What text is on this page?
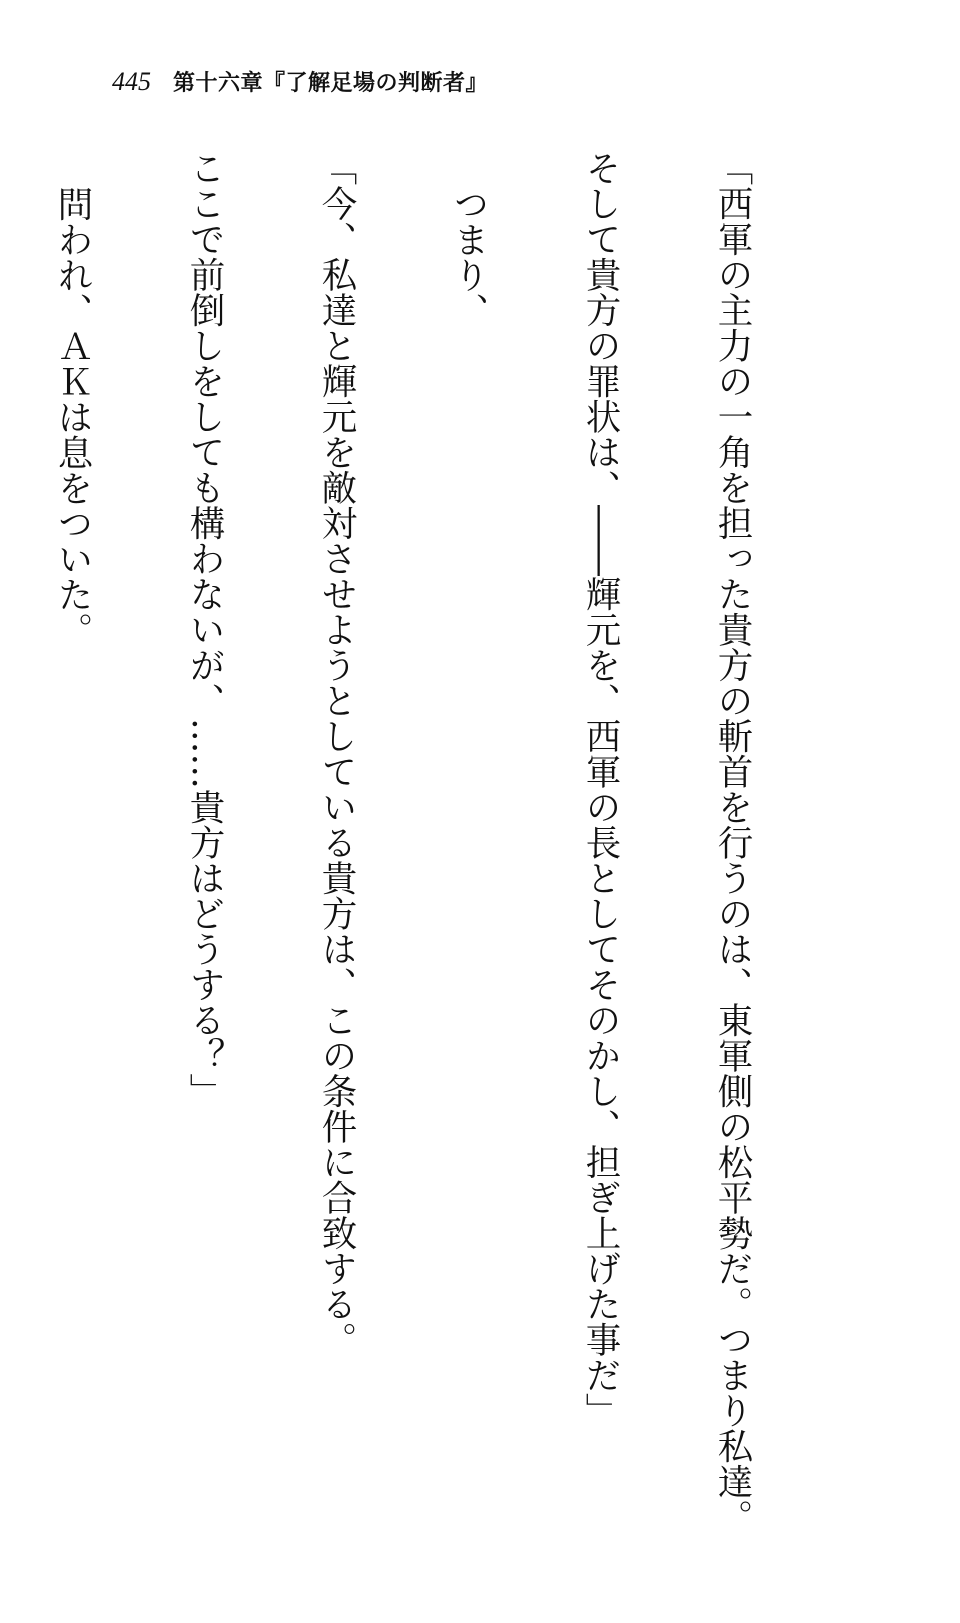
445 第十六章『了解足場の判断者』

「西軍の主力の一角を担った貴方の斬首を行うのは、東軍側の松平勢だ。つまり私達。

そして貴方の罪状は、――輝元を、西軍の長としてそのかし、担ぎ上げた事だ」

つまり、

「今、私達と輝元を敵対させようとしている貴方は、この条件に合致する。

ここで前倒しをしても構わないが、……貴方はどうする？」

問われ、ＡＫは息をついた。
